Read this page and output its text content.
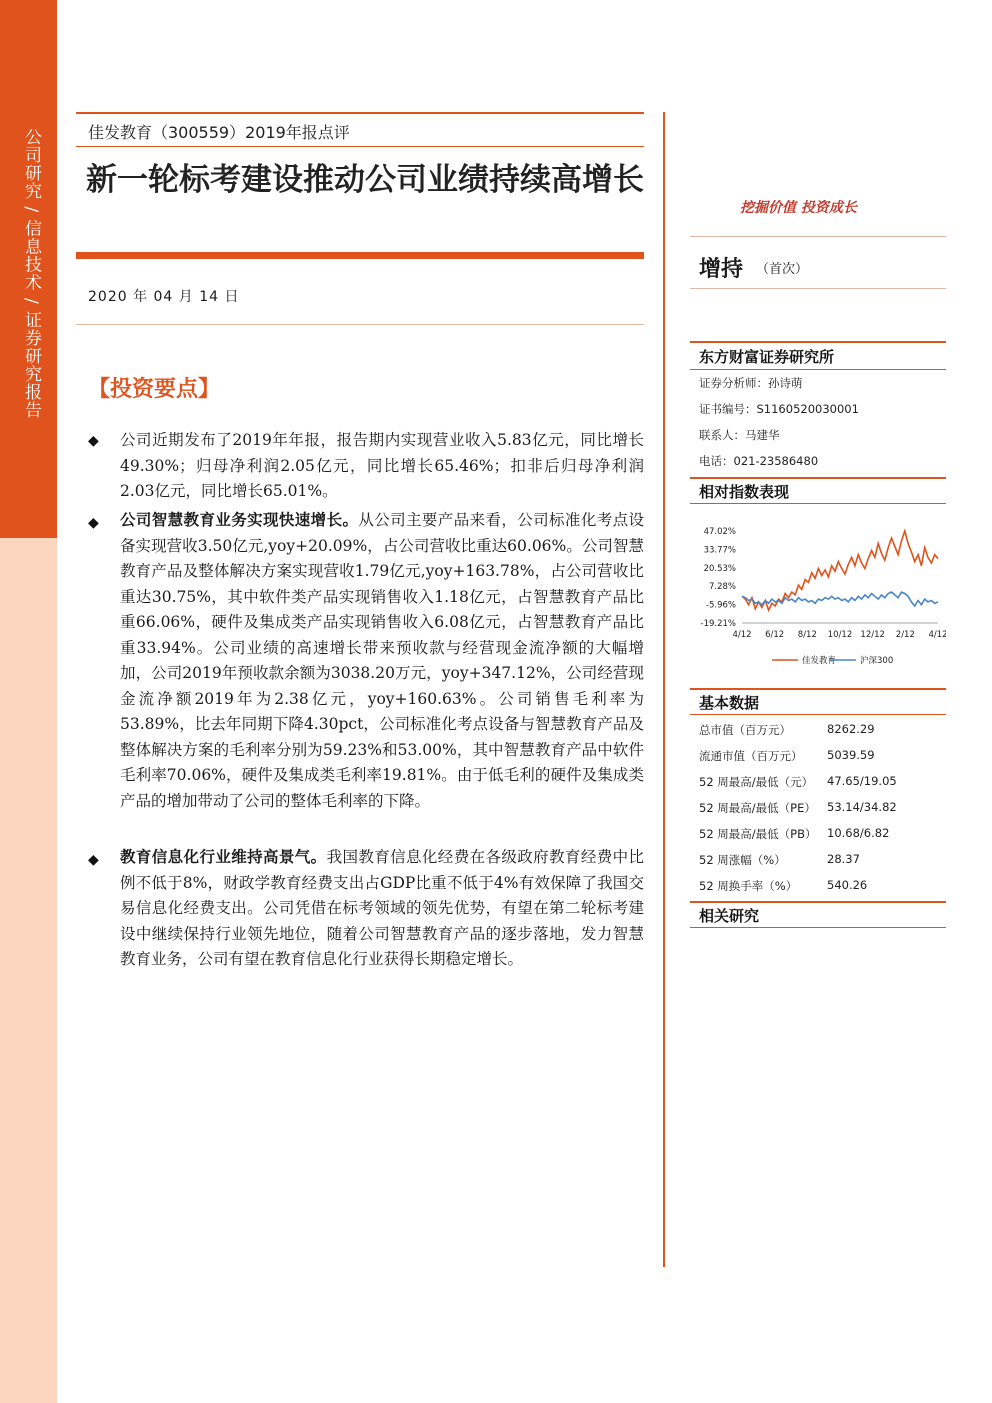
公司研究 / 信息技术 / 证券研究报告	佳发教育（300559）2019年报点评
新一轮标考建设推动公司业绩持续高增长
2020 年 04 月 14 日
【投资要点】
◆ 公司近期发布了2019年年报，报告期内实现营业收入5.83亿元，同比增长49.30%；归母净利润2.05亿元，同比增长65.46%；扣非后归母净利润2.03亿元，同比增长65.01%。
◆ 公司智慧教育业务实现快速增长。从公司主要产品来看，公司标准化考点设备实现营收3.50亿元,yoy+20.09%，占公司营收比重达60.06%。公司智慧教育产品及整体解决方案实现营收1.79亿元,yoy+163.78%，占公司营收比重达30.75%，其中软件类产品实现销售收入1.18亿元，占智慧教育产品比重66.06%，硬件及集成类产品实现销售收入6.08亿元，占智慧教育产品比重33.94%。公司业绩的高速增长带来预收款与经营现金流净额的大幅增加，公司2019年预收款余额为3038.20万元，yoy+347.12%，公司经营现金流净额2019年为2.38亿元，yoy+160.63%。公司销售毛利率为53.89%，比去年同期下降4.30pct，公司标准化考点设备与智慧教育产品及整体解决方案的毛利率分别为59.23%和53.00%，其中智慧教育产品中软件毛利率70.06%，硬件及集成类毛利率19.81%。由于低毛利的硬件及集成类产品的增加带动了公司的整体毛利率的下降。
◆ 教育信息化行业维持高景气。我国教育信息化经费在各级政府教育经费中比例不低于8%，财政学教育经费支出占GDP比重不低于4%有效保障了我国交易信息化经费支出。公司凭借在标考领域的领先优势，有望在第二轮标考建设中继续保持行业领先地位，随着公司智慧教育产品的逐步落地，发力智慧教育业务，公司有望在教育信息化行业获得长期稳定增长。
挖掘价值 投资成长
增持 （首次）
东方财富证券研究所
证券分析师：孙诗萌
证书编号：S1160520030001
联系人：马建华
电话：021-23586480
相对指数表现
47.02%
33.77%
20.53%
7.28%
-5.96%
-19.21%
4/12 6/12 8/12 10/12 12/12 2/12 4/12
佳发教育	沪深300
基本数据
总市值（百万元）	8262.29
流通市值（百万元） 5039.59
52 周最高/最低（元） 47.65/19.05
52 周最高/最低（PE） 53.14/34.82
52 周最高/最低（PB） 10.68/6.82
52 周涨幅（%）	28.37
52 周换手率（%）	540.26
相关研究
